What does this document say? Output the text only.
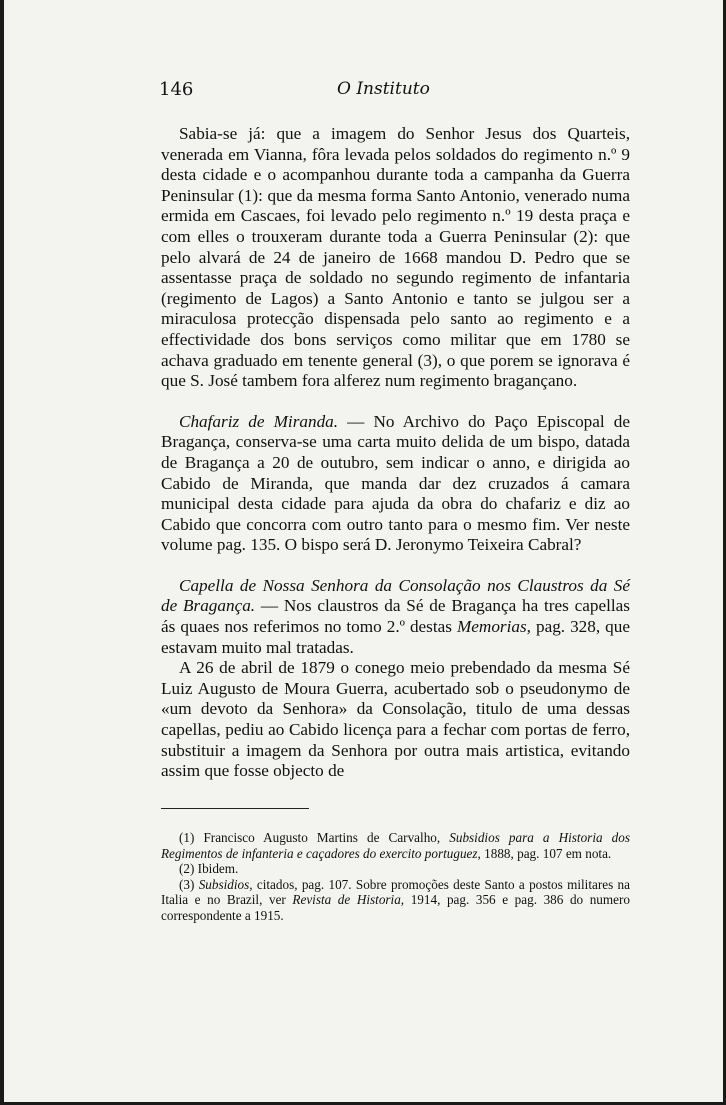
146	O Instituto

Sabia-se já: que a imagem do Senhor Jesus dos Quarteis, venerada em Vianna, fôra levada pelos soldados do regimento n.º 9 desta cidade e o acompanhou durante toda a campanha da Guerra Peninsular (1): que da mesma forma Santo Antonio, venerado numa ermida em Cascaes, foi levado pelo regimento n.º 19 desta praça e com elles o trouxeram durante toda a Guerra Peninsular (2): que pelo alvará de 24 de janeiro de 1668 mandou D. Pedro que se assentasse praça de soldado no segundo regimento de infantaria (regimento de Lagos) a Santo Antonio e tanto se julgou ser a miraculosa protecção dispensada pelo santo ao regimento e a effectividade dos bons serviços como militar que em 1780 se achava graduado em tenente general (3), o que porem se ignorava é que S. José tambem fora alferez num regimento bragançano.

Chafariz de Miranda. — No Archivo do Paço Episcopal de Bragança, conserva-se uma carta muito delida de um bispo, datada de Bragança a 20 de outubro, sem indicar o anno, e dirigida ao Cabido de Miranda, que manda dar dez cruzados á camara municipal desta cidade para ajuda da obra do chafariz e diz ao Cabido que concorra com outro tanto para o mesmo fim. Ver neste volume pag. 135. O bispo será D. Jeronymo Teixeira Cabral?

Capella de Nossa Senhora da Consolação nos Claustros da Sé de Bragança. — Nos claustros da Sé de Bragança ha tres capellas ás quaes nos referimos no tomo 2.º destas Memorias, pag. 328, que estavam muito mal tratadas.

A 26 de abril de 1879 o conego meio prebendado da mesma Sé Luiz Augusto de Moura Guerra, acubertado sob o pseudonymo de «um devoto da Senhora» da Consolação, titulo de uma dessas capellas, pediu ao Cabido licença para a fechar com portas de ferro, substituir a imagem da Senhora por outra mais artistica, evitando assim que fosse objecto de

(1) Francisco Augusto Martins de Carvalho, Subsidios para a Historia dos Regimentos de infanteria e caçadores do exercito portuguez, 1888, pag. 107 em nota.

(2) Ibidem.

(3) Subsidios, citados, pag. 107. Sobre promoções deste Santo a postos militares na Italia e no Brazil, ver Revista de Historia, 1914, pag. 356 e pag. 386 do numero correspondente a 1915.
